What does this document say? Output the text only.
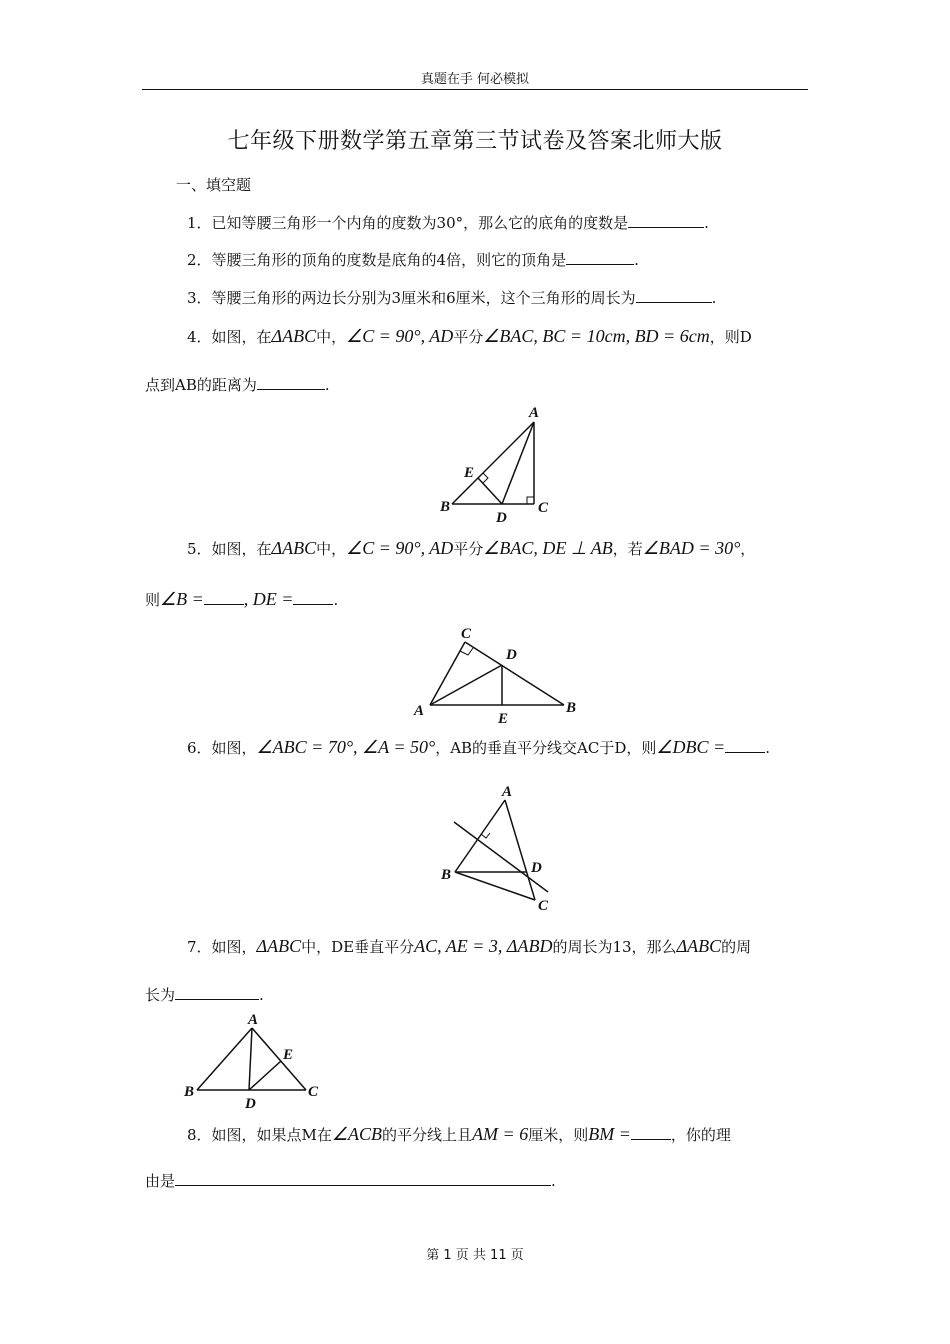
真题在手 何必模拟
七年级下册数学第五章第三节试卷及答案北师大版
一、填空题
1．已知等腰三角形一个内角的度数为30°，那么它的底角的度数是	.
2．等腰三角形的顶角的度数是底角的4倍，则它的顶角是	.
3．等腰三角形的两边长分别为3厘米和6厘米，这个三角形的周长为	.
4．如图，在ΔABC中，∠C = 90°, AD平分∠BAC, BC = 10cm, BD = 6cm，则D
点到AB的距离为	.
A
B	C
D
E
5．如图，在ΔABC中，∠C = 90°, AD平分∠BAC, DE ⊥ AB，若∠BAD = 30°，
则∠B = , DE =	.
A	B
C
D
E
6．如图，∠ABC = 70°, ∠A = 50°，AB的垂直平分线交AC于D，则∠DBC =	.
A
B
C
D
7．如图，ΔABC中，DE垂直平分AC, AE = 3, ΔABD的周长为13，那么ΔABC的周
长为	.
A
B	C
D
E
8．如图，如果点M在∠ACB的平分线上且AM = 6厘米，则BM =	，你的理
由是	.
第 1 页 共 11 页
